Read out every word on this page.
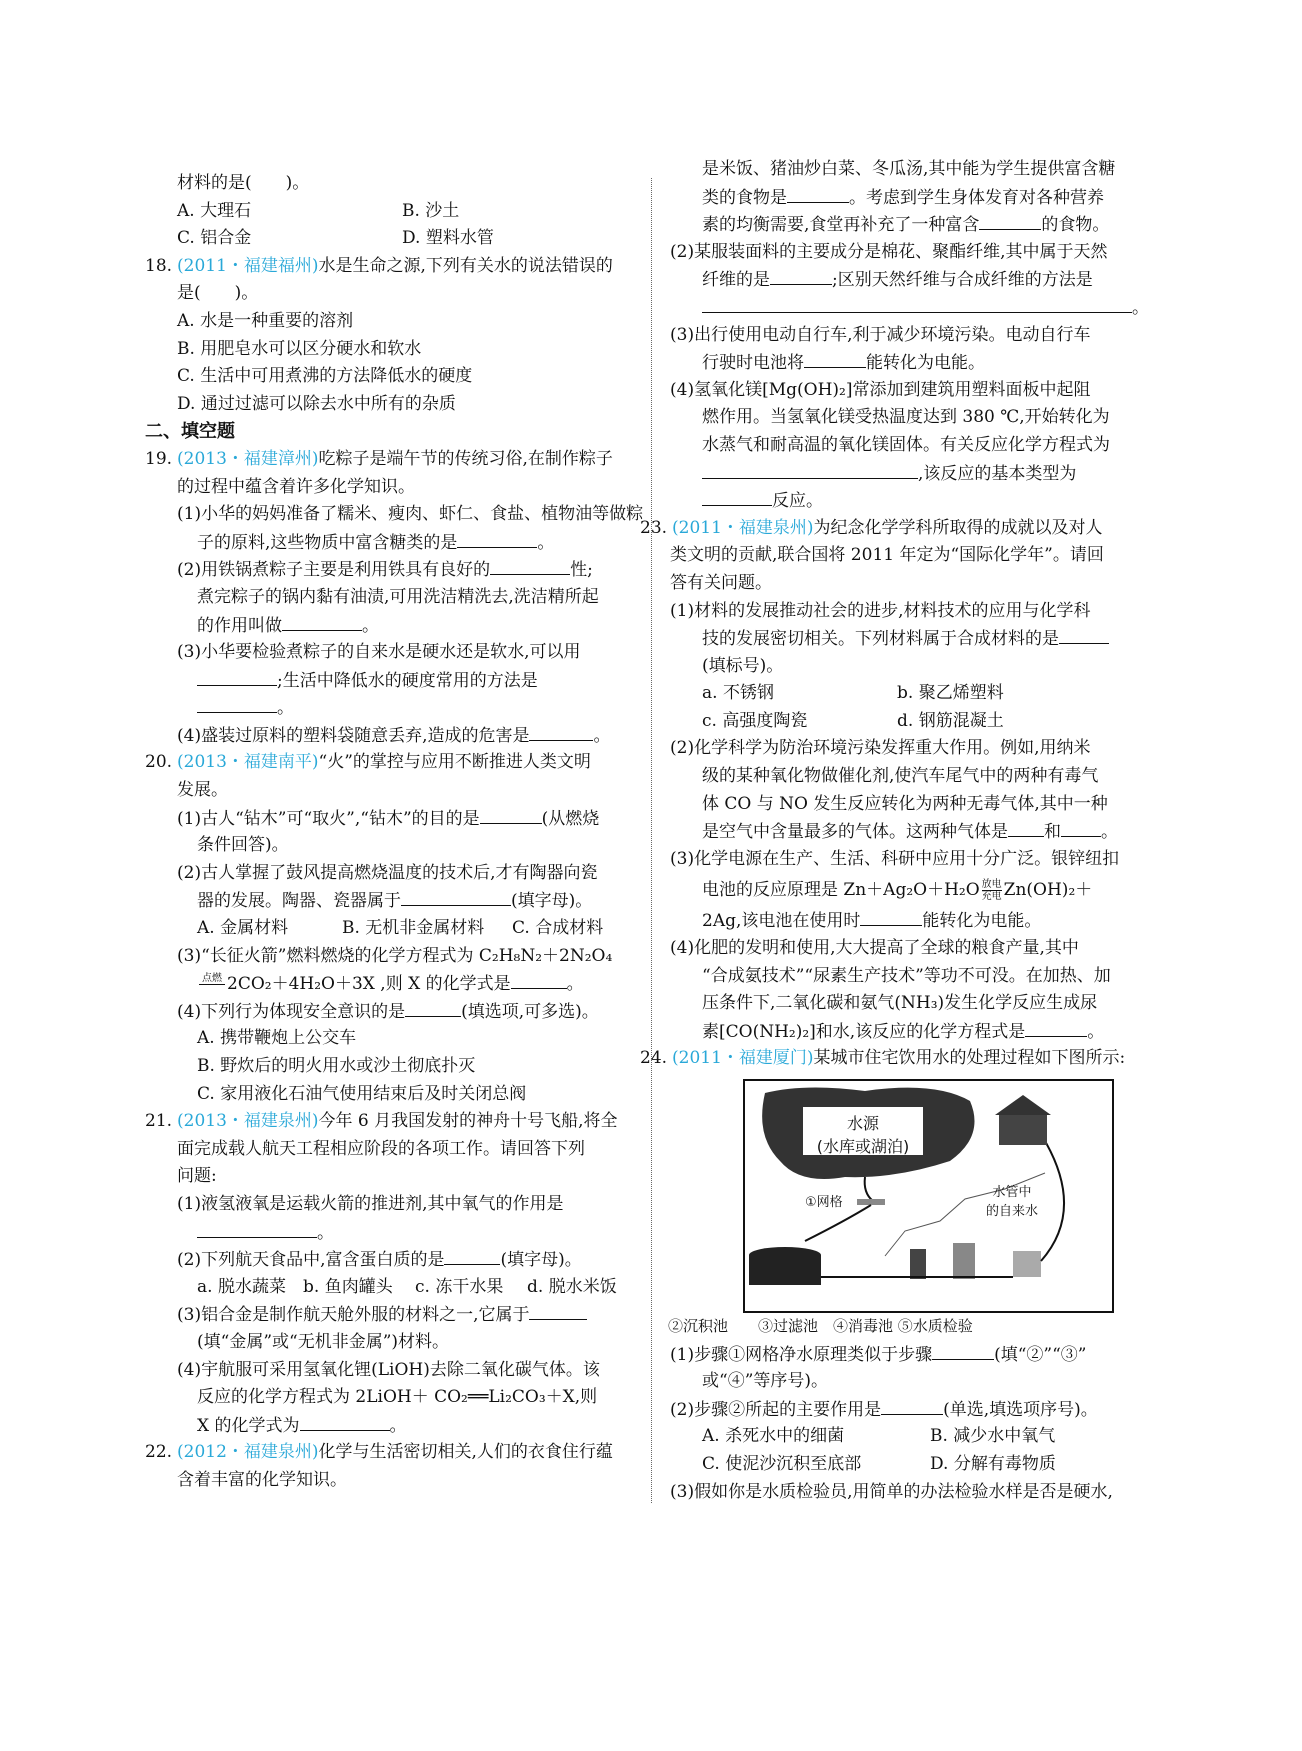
材料的是(　　)。
A. 大理石	B. 沙土
C. 铝合金	D. 塑料水管
18. (2011・福建福州)水是生命之源,下列有关水的说法错误的
是(　　)。
A. 水是一种重要的溶剂
B. 用肥皂水可以区分硬水和软水
C. 生活中可用煮沸的方法降低水的硬度
D. 通过过滤可以除去水中所有的杂质
二、填空题
19. (2013・福建漳州)吃粽子是端午节的传统习俗,在制作粽子
的过程中蕴含着许多化学知识。
(1)小华的妈妈准备了糯米、瘦肉、虾仁、食盐、植物油等做粽
子的原料,这些物质中富含糖类的是	。
(2)用铁锅煮粽子主要是利用铁具有良好的	性;
煮完粽子的锅内黏有油渍,可用洗洁精洗去,洗洁精所起
的作用叫做	。
(3)小华要检验煮粽子的自来水是硬水还是软水,可以用
;生活中降低水的硬度常用的方法是
。
(4)盛装过原料的塑料袋随意丢弃,造成的危害是	。
20. (2013・福建南平)“火”的掌控与应用不断推进人类文明
发展。
(1)古人“钻木”可“取火”,“钻木”的目的是	(从燃烧
条件回答)。
(2)古人掌握了鼓风提高燃烧温度的技术后,才有陶器向瓷
器的发展。陶器、瓷器属于	(填字母)。
A. 金属材料	B. 无机非金属材料 C. 合成材料
(3)“长征火箭”燃料燃烧的化学方程式为 C₂H₈N₂＋2N₂O₄
点燃
2CO₂＋4H₂O＋3X ,则 X 的化学式是	。
(4)下列行为体现安全意识的是	(填选项,可多选)。
A. 携带鞭炮上公交车
B. 野炊后的明火用水或沙土彻底扑灭
C. 家用液化石油气使用结束后及时关闭总阀
21. (2013・福建泉州)今年 6 月我国发射的神舟十号飞船,将全
面完成载人航天工程相应阶段的各项工作。请回答下列
问题:
(1)液氢液氧是运载火箭的推进剂,其中氧气的作用是
。
(2)下列航天食品中,富含蛋白质的是	(填字母)。
a. 脱水蔬菜 b. 鱼肉罐头 c. 冻干水果 d. 脱水米饭
(3)铝合金是制作航天舱外服的材料之一,它属于
(填“金属”或“无机非金属”)材料。
(4)宇航服可采用氢氧化锂(LiOH)去除二氧化碳气体。该
反应的化学方程式为 2LiOH＋ CO₂══Li₂CO₃＋X,则
X 的化学式为	。
22. (2012・福建泉州)化学与生活密切相关,人们的衣食住行蕴
含着丰富的化学知识。
是米饭、猪油炒白菜、冬瓜汤,其中能为学生提供富含糖
类的食物是	。考虑到学生身体发育对各种营养
素的均衡需要,食堂再补充了一种富含	的食物。
(2)某服装面料的主要成分是棉花、聚酯纤维,其中属于天然
纤维的是	;区别天然纤维与合成纤维的方法是
。
(3)出行使用电动自行车,利于减少环境污染。电动自行车
行驶时电池将	能转化为电能。
(4)氢氧化镁[Mg(OH)₂]常添加到建筑用塑料面板中起阻
燃作用。当氢氧化镁受热温度达到 380 ℃,开始转化为
水蒸气和耐高温的氧化镁固体。有关反应化学方程式为
,该反应的基本类型为
反应。
23. (2011・福建泉州)为纪念化学学科所取得的成就以及对人
类文明的贡献,联合国将 2011 年定为“国际化学年”。请回
答有关问题。
(1)材料的发展推动社会的进步,材料技术的应用与化学科
技的发展密切相关。下列材料属于合成材料的是
(填标号)。
a. 不锈钢	b. 聚乙烯塑料
c. 高强度陶瓷	d. 钢筋混凝土
(2)化学科学为防治环境污染发挥重大作用。例如,用纳米
级的某种氧化物做催化剂,使汽车尾气中的两种有毒气
体 CO 与 NO 发生反应转化为两种无毒气体,其中一种
是空气中含量最多的气体。这两种气体是 和 。
(3)化学电源在生产、生活、科研中应用十分广泛。银锌纽扣
电池的反应原理是 $Zn+Ag_2O+H_2O \frac{\text{放电}}{\text{充电}} Zn(OH)_2+$
2Ag,该电池在使用时	能转化为电能。
(4)化肥的发明和使用,大大提高了全球的粮食产量,其中
“合成氨技术”“尿素生产技术”等功不可没。在加热、加
压条件下,二氧化碳和氨气(NH₃)发生化学反应生成尿
素[CO(NH₂)₂]和水,该反应的化学方程式是	。
24. (2011・福建厦门)某城市住宅饮用水的处理过程如下图所示:
水源
(水库或湖泊)
①网格
水管中
的自来水
②沉积池　　③过滤池　④消毒池 ⑤水质检验
(1)步骤①网格净水原理类似于步骤	(填“②”“③”
或“④”等序号)。
(2)步骤②所起的主要作用是	(单选,填选项序号)。
A. 杀死水中的细菌	B. 减少水中氧气
C. 使泥沙沉积至底部	D. 分解有毒物质
(3)假如你是水质检验员,用简单的办法检验水样是否是硬水,
